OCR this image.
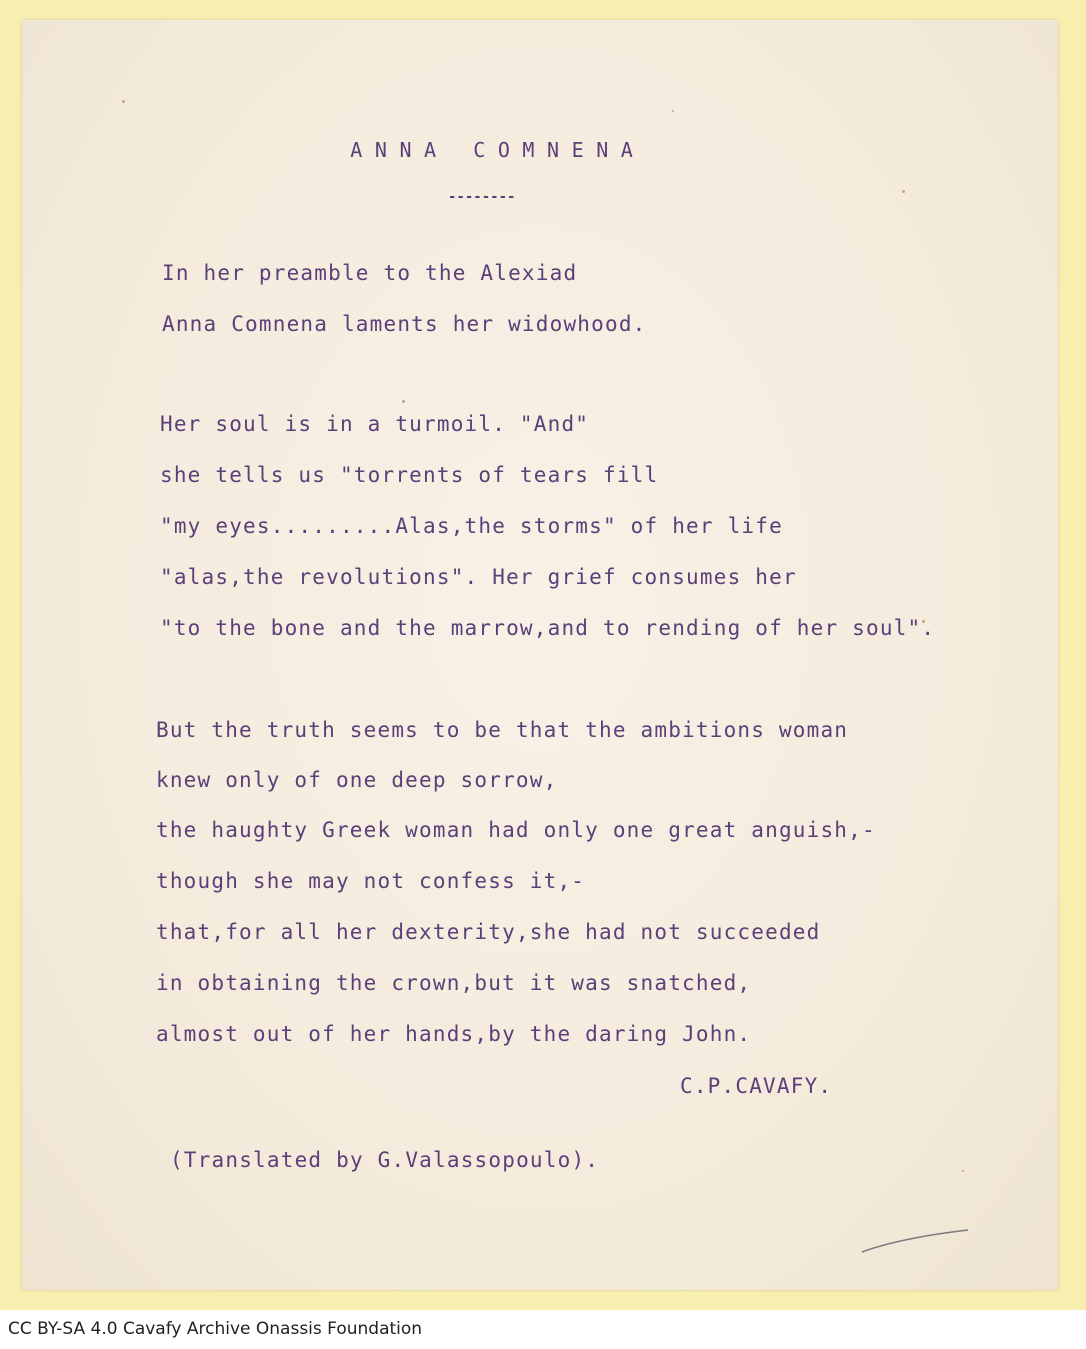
A N N A C O M N E N A
--------
In her preamble to the Alexiad
Anna Comnena laments her widowhood.
Her soul is in a turmoil. "And"
she tells us "torrents of tears fill
"my eyes.........Alas,the storms" of her life
"alas,the revolutions". Her grief consumes her
"to the bone and the marrow,and to rending of her soul".
But the truth seems to be that the ambitions woman
knew only of one deep sorrow,
the haughty Greek woman had only one great anguish,-
though she may not confess it,-
that,for all her dexterity,she had not succeeded
in obtaining the crown,but it was snatched,
almost out of her hands,by the daring John.
C.P.CAVAFY.
(Translated by G.Valassopoulo).
CC BY-SA 4.0 Cavafy Archive Onassis Foundation
